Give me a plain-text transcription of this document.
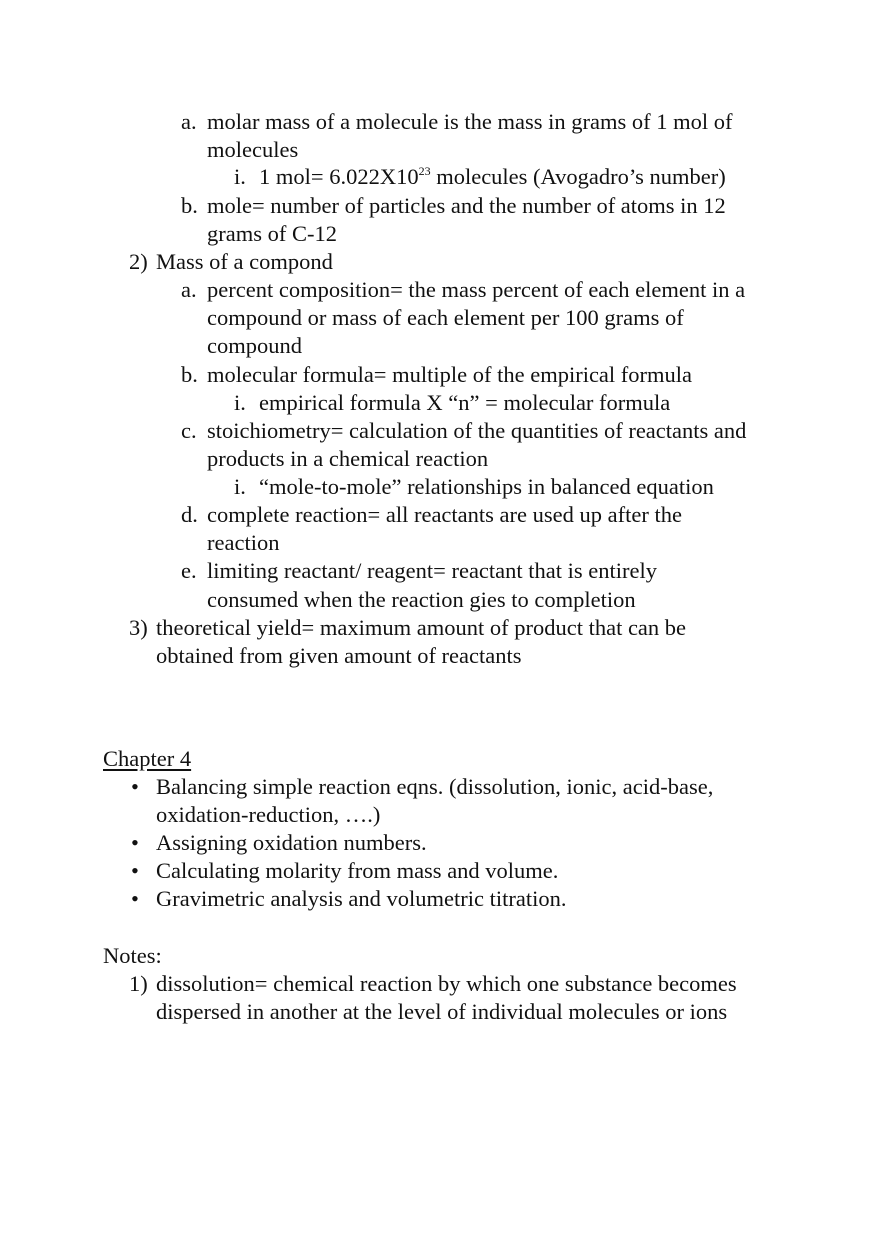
a. molar mass of a molecule is the mass in grams of 1 mol of
molecules
i. 1 $mol= 6.022X10^{23}$ molecules (Avogadro’s number)
b. mole= number of particles and the number of atoms in 12
grams of C-12
2) Mass of a compond
a. percent composition= the mass percent of each element in a
compound or mass of each element per 100 grams of
compound
b. molecular formula= multiple of the empirical formula
i. empirical formula X “n” = molecular formula
c. stoichiometry= calculation of the quantities of reactants and
products in a chemical reaction
i. “mole-to-mole” relationships in balanced equation
d. complete reaction= all reactants are used up after the
reaction
e. limiting reactant/ reagent= reactant that is entirely
consumed when the reaction gies to completion
3) theoretical yield= maximum amount of product that can be
obtained from given amount of reactants
Chapter 4
• Balancing simple reaction eqns. (dissolution, ionic, acid-base,
oxidation-reduction, ….)
• Assigning oxidation numbers.
• Calculating molarity from mass and volume.
• Gravimetric analysis and volumetric titration.
Notes:
1) dissolution= chemical reaction by which one substance becomes
dispersed in another at the level of individual molecules or ions
